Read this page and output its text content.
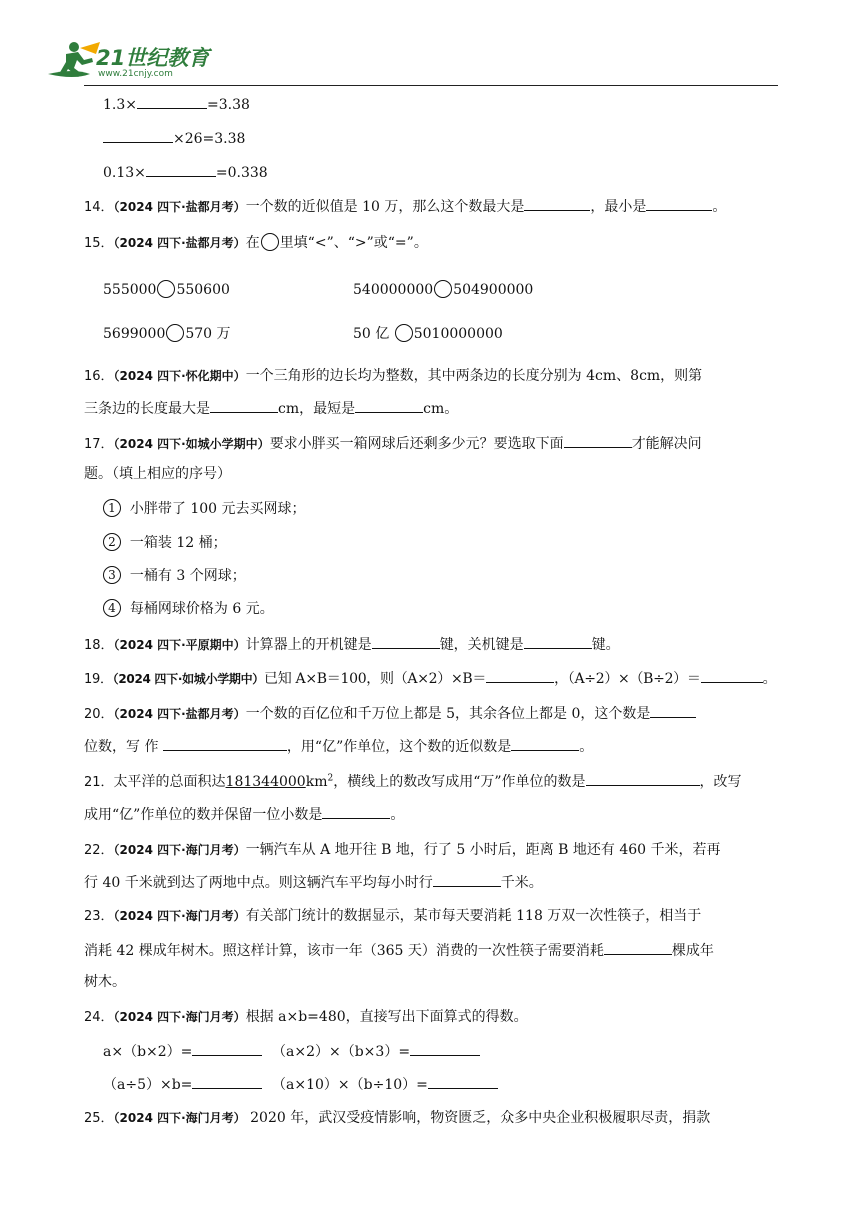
21世纪教育
www.21cnjy.com
1.3×	=3.38
×26=3.38
0.13×	=0.338
14．（2024 四下·盐都月考）一个数的近似值是 10 万，那么这个数最大是	，最小是	。
15．（2024 四下·盐都月考）在 里填“<”、“>”或“=”。
555000 550600	540000000 504900000
5699000 570 万	50 亿 5010000000
16．（2024 四下·怀化期中）一个三角形的边长均为整数，其中两条边的长度分别为 4cm、8cm，则第
三条边的长度最大是	cm，最短是	cm。
17．（2024 四下·如城小学期中）要求小胖买一箱网球后还剩多少元？要选取下面	才能解决问
题。（填上相应的序号）
1 小胖带了 100 元去买网球；
2 一箱装 12 桶；
3 一桶有 3 个网球；
4 每桶网球价格为 6 元。
18．（2024 四下·平原期中）计算器上的开机键是	键，关机键是	键。
19．（2024 四下·如城小学期中）已知 A×B＝100，则（A×2）×B＝	，（A÷2）×（B÷2）＝	。
20．（2024 四下·盐都月考）一个数的百亿位和千万位上都是 5，其余各位上都是 0，这个数是
位数，写 作	，用“亿”作单位，这个数的近似数是	。
21．太平洋的总面积达$181344000km^2$，横线上的数改写成用“万”作单位的数是	，改写
成用“亿”作单位的数并保留一位小数是	。
22．（2024 四下·海门月考）一辆汽车从 A 地开往 B 地，行了 5 小时后，距离 B 地还有 460 千米，若再
行 40 千米就到达了两地中点。则这辆汽车平均每小时行	千米。
23．（2024 四下·海门月考）有关部门统计的数据显示，某市每天要消耗 118 万双一次性筷子，相当于
消耗 42 棵成年树木。照这样计算，该市一年（365 天）消费的一次性筷子需要消耗	棵成年
树木。
24．（2024 四下·海门月考）根据 a×b=480，直接写出下面算式的得数。
a×（b×2）=	（a×2）×（b×3）=
（a÷5）×b=	（a×10）×（b÷10）=
25．（2024 四下·海门月考） 2020 年，武汉受疫情影响，物资匮乏，众多中央企业积极履职尽责，捐款
